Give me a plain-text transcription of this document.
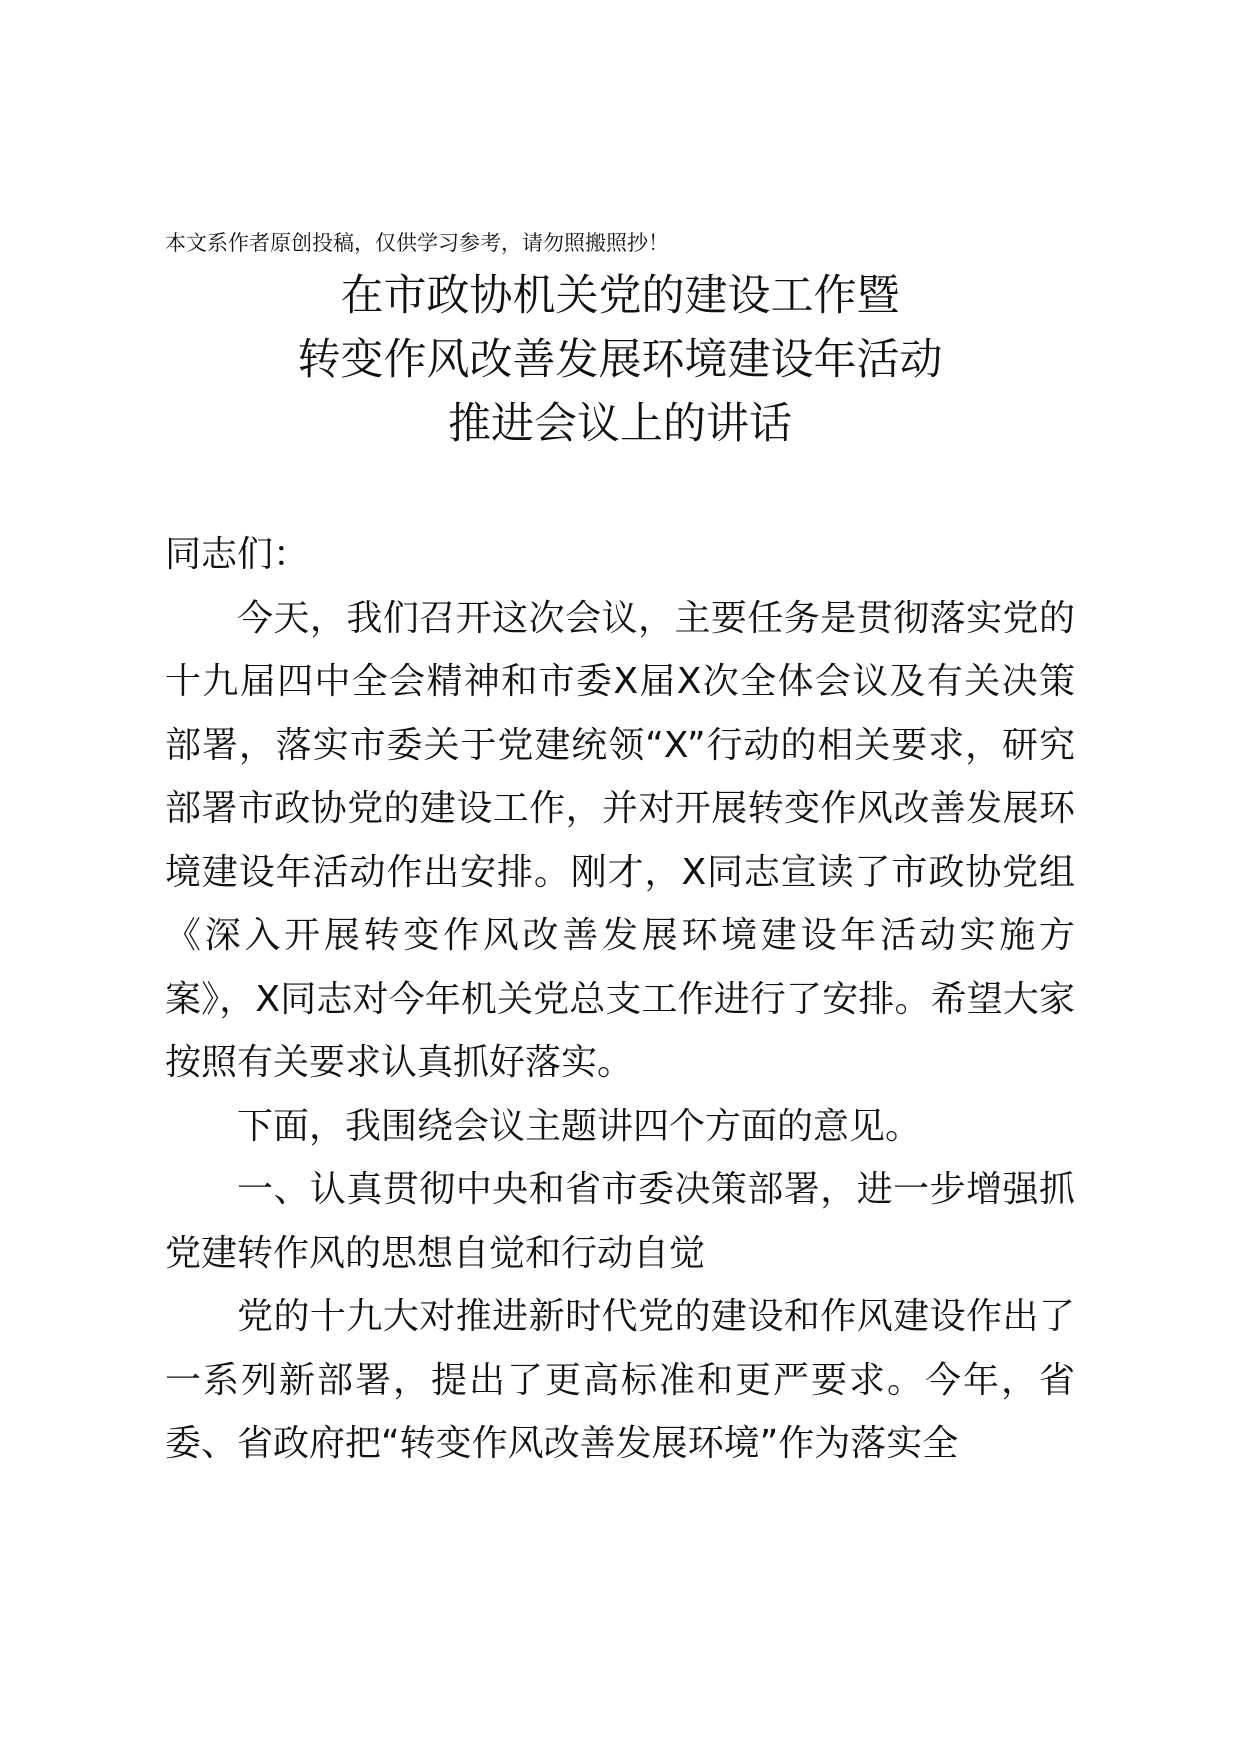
本文系作者原创投稿，仅供学习参考，请勿照搬照抄！
在市政协机关党的建设工作暨
转变作风改善发展环境建设年活动
推进会议上的讲话

同志们：

今天，我们召开这次会议，主要任务是贯彻落实党的十九届四中全会精神和市委X届X次全体会议及有关决策部署，落实市委关于党建统领“X”行动的相关要求，研究部署市政协党的建设工作，并对开展转变作风改善发展环境建设年活动作出安排。刚才，X同志宣读了市政协党组《深入开展转变作风改善发展环境建设年活动实施方案》，X同志对今年机关党总支工作进行了安排。希望大家按照有关要求认真抓好落实。

下面，我围绕会议主题讲四个方面的意见。

一、认真贯彻中央和省市委决策部署，进一步增强抓党建转作风的思想自觉和行动自觉

党的十九大对推进新时代党的建设和作风建设作出了一系列新部署，提出了更高标准和更严要求。今年，省委、省政府把“转变作风改善发展环境”作为落实全
